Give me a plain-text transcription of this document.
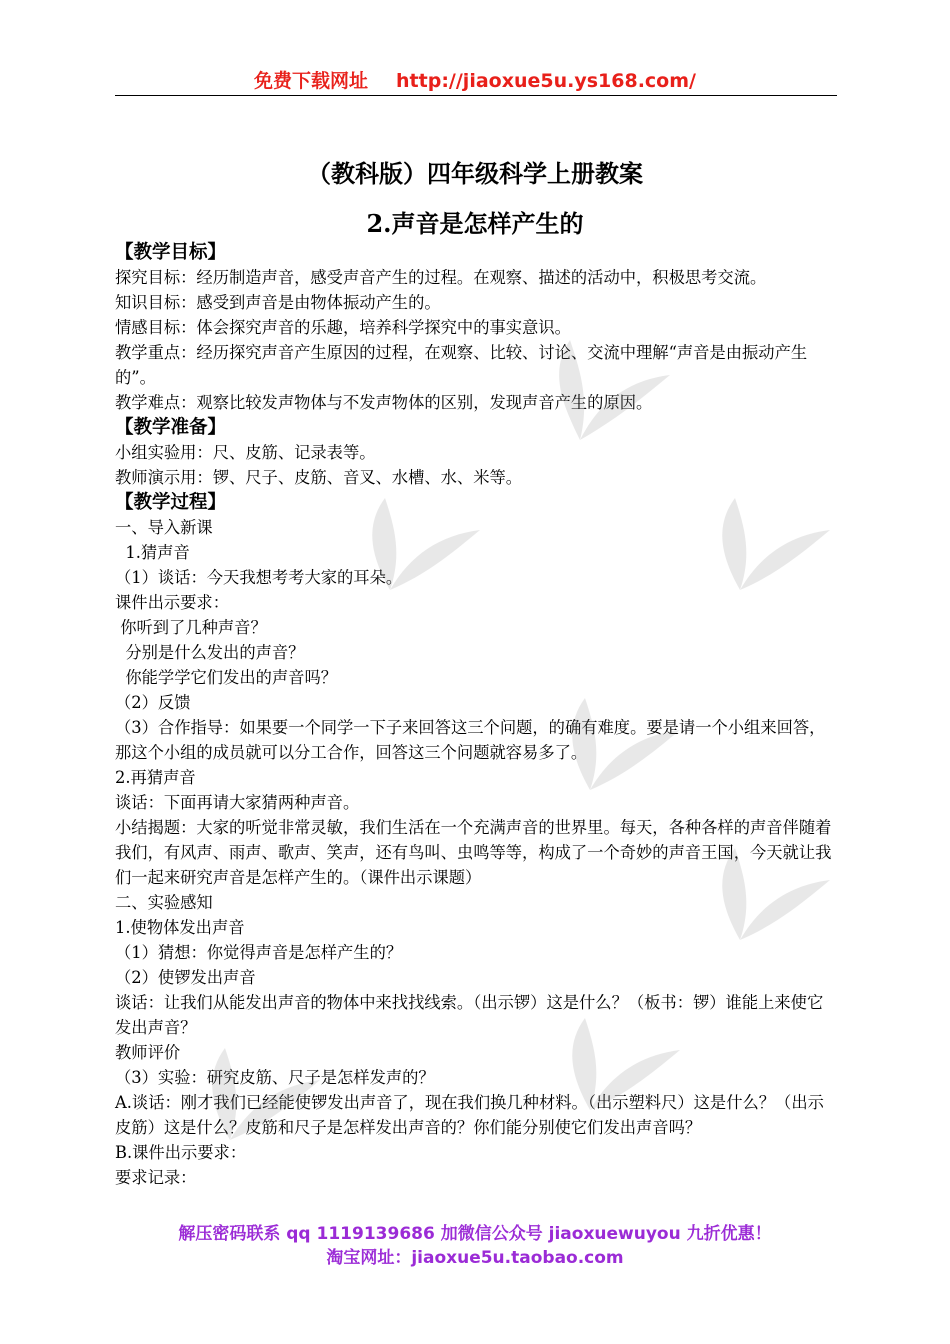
免费下载网址 http://jiaoxue5u.ys168.com/
（教科版）四年级科学上册教案
2.声音是怎样产生的

【教学目标】

探究目标：经历制造声音，感受声音产生的过程。在观察、描述的活动中，积极思考交流。

知识目标：感受到声音是由物体振动产生的。

情感目标：体会探究声音的乐趣，培养科学探究中的事实意识。

教学重点：经历探究声音产生原因的过程，在观察、比较、讨论、交流中理解“声音是由振动产生的”。

教学难点：观察比较发声物体与不发声物体的区别，发现声音产生的原因。

【教学准备】

小组实验用：尺、皮筋、记录表等。

教师演示用：锣、尺子、皮筋、音叉、水槽、水、米等。

【教学过程】

一、导入新课

1.猜声音

（1）谈话：今天我想考考大家的耳朵。

课件出示要求：

你听到了几种声音？

分别是什么发出的声音？

你能学学它们发出的声音吗？

（2）反馈

（3）合作指导：如果要一个同学一下子来回答这三个问题，的确有难度。要是请一个小组来回答，那这个小组的成员就可以分工合作，回答这三个问题就容易多了。

2.再猜声音

谈话：下面再请大家猜两种声音。

小结揭题：大家的听觉非常灵敏，我们生活在一个充满声音的世界里。每天，各种各样的声音伴随着我们，有风声、雨声、歌声、笑声，还有鸟叫、虫鸣等等，构成了一个奇妙的声音王国，今天就让我们一起来研究声音是怎样产生的。（课件出示课题）

二、实验感知

1.使物体发出声音

（1）猜想：你觉得声音是怎样产生的？

（2）使锣发出声音

谈话：让我们从能发出声音的物体中来找找线索。（出示锣）这是什么？（板书：锣）谁能上来使它发出声音？

教师评价

（3）实验：研究皮筋、尺子是怎样发声的？

A.谈话：刚才我们已经能使锣发出声音了，现在我们换几种材料。（出示塑料尺）这是什么？（出示皮筋）这是什么？皮筋和尺子是怎样发出声音的？你们能分别使它们发出声音吗？

B.课件出示要求：

要求记录：

解压密码联系 qq 1119139686 加微信公众号 jiaoxuewuyou 九折优惠！
淘宝网址：jiaoxue5u.taobao.com
